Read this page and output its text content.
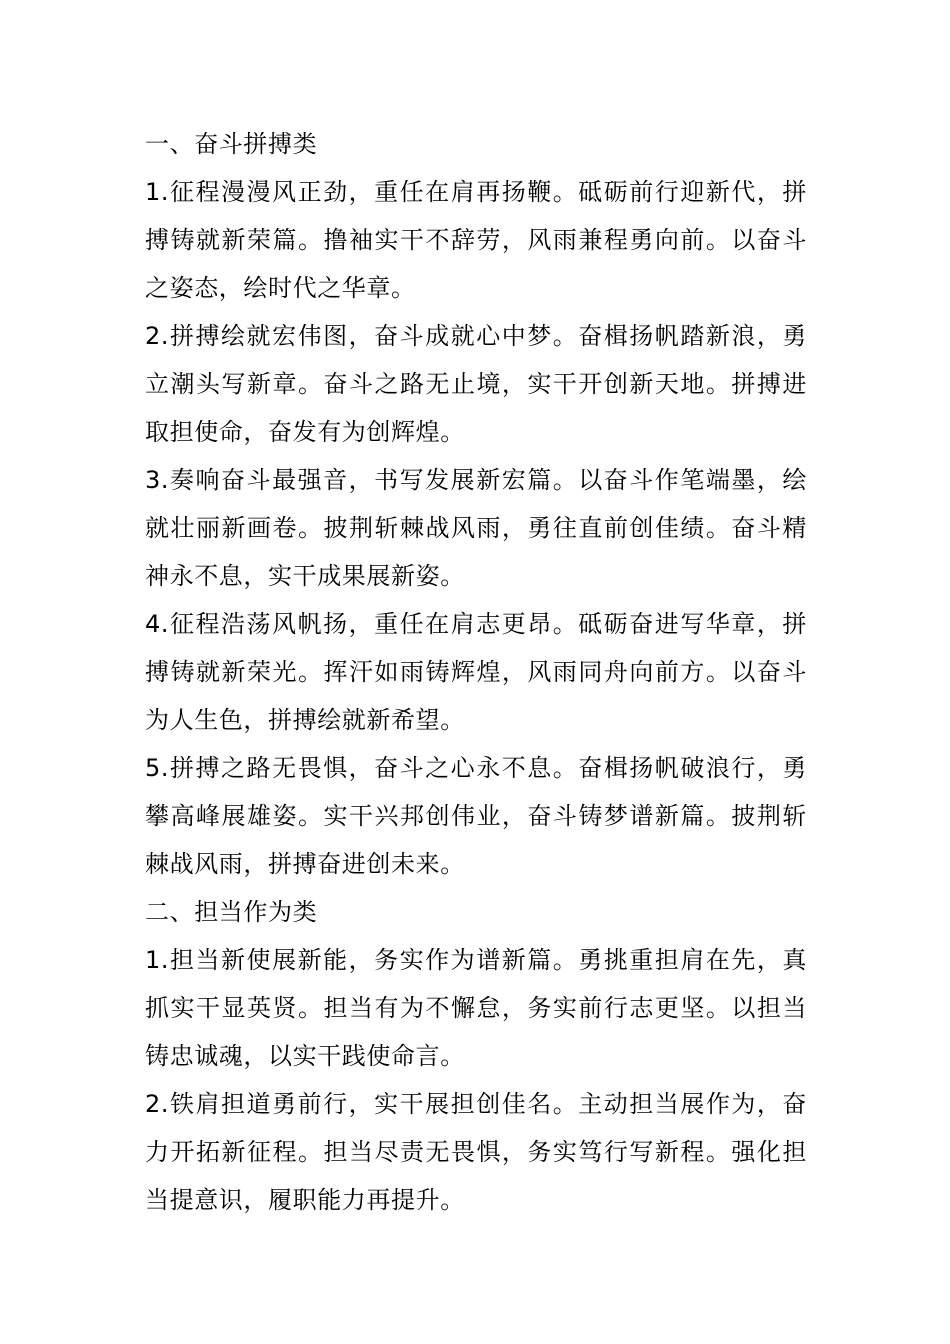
一、奋斗拼搏类

1.征程漫漫风正劲，重任在肩再扬鞭。砥砺前行迎新代，拼搏铸就新荣篇。撸袖实干不辞劳，风雨兼程勇向前。以奋斗之姿态，绘时代之华章。

2.拼搏绘就宏伟图，奋斗成就心中梦。奋楫扬帆踏新浪，勇立潮头写新章。奋斗之路无止境，实干开创新天地。拼搏进取担使命，奋发有为创辉煌。

3.奏响奋斗最强音，书写发展新宏篇。以奋斗作笔端墨，绘就壮丽新画卷。披荆斩棘战风雨，勇往直前创佳绩。奋斗精神永不息，实干成果展新姿。

4.征程浩荡风帆扬，重任在肩志更昂。砥砺奋进写华章，拼搏铸就新荣光。挥汗如雨铸辉煌，风雨同舟向前方。以奋斗为人生色，拼搏绘就新希望。

5.拼搏之路无畏惧，奋斗之心永不息。奋楫扬帆破浪行，勇攀高峰展雄姿。实干兴邦创伟业，奋斗铸梦谱新篇。披荆斩棘战风雨，拼搏奋进创未来。

二、担当作为类

1.担当新使展新能，务实作为谱新篇。勇挑重担肩在先，真抓实干显英贤。担当有为不懈怠，务实前行志更坚。以担当铸忠诚魂，以实干践使命言。

2.铁肩担道勇前行，实干展担创佳名。主动担当展作为，奋力开拓新征程。担当尽责无畏惧，务实笃行写新程。强化担当提意识，履职能力再提升。
